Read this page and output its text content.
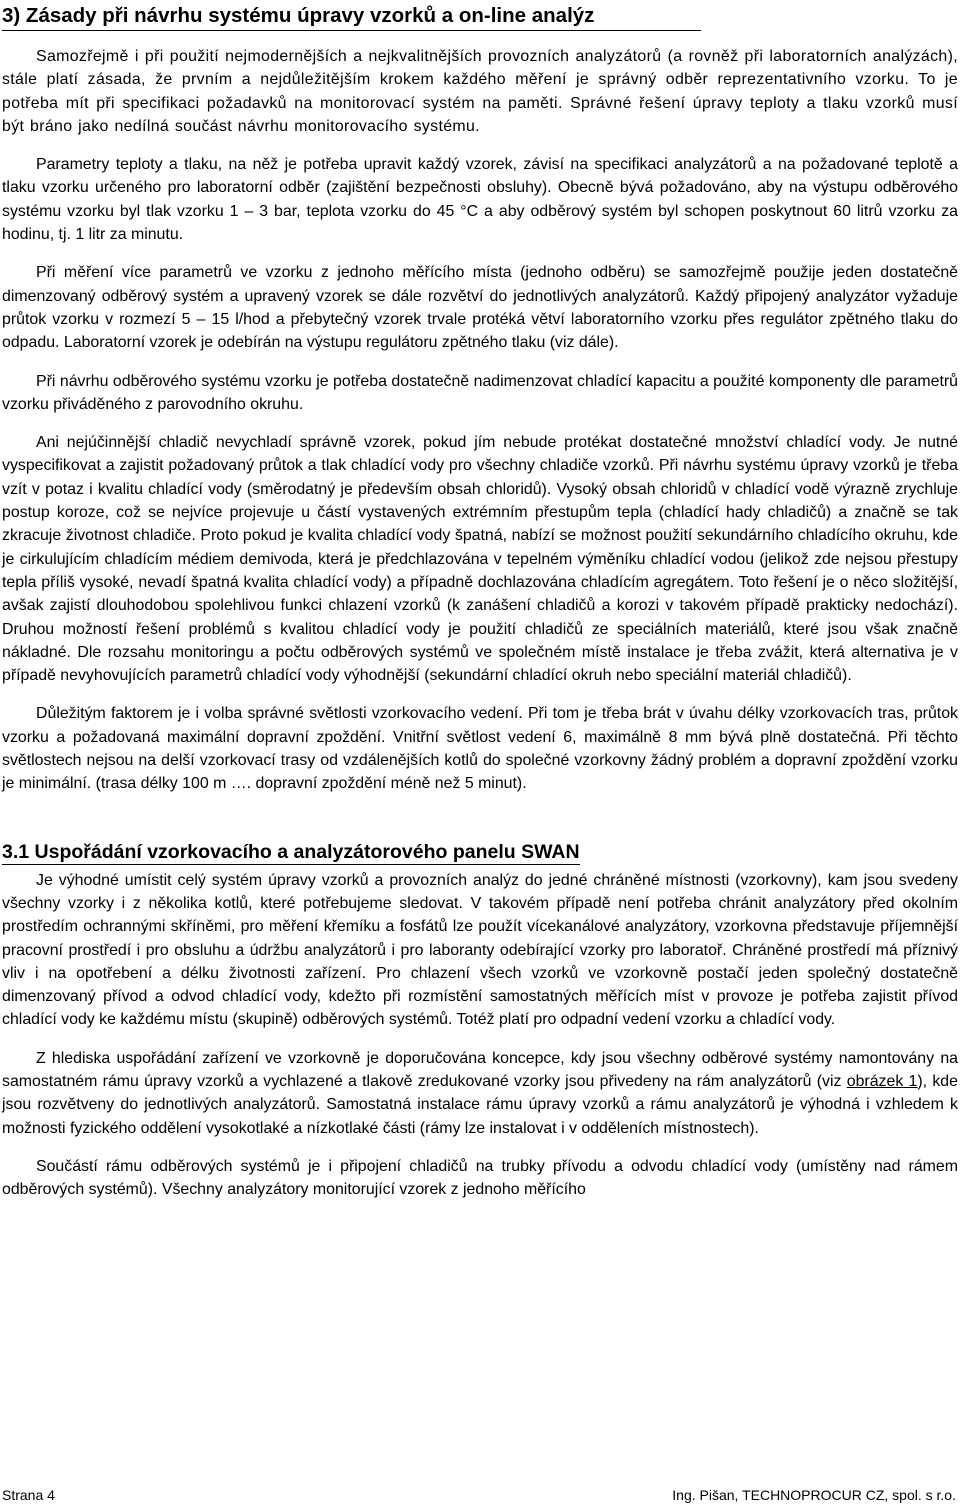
3) Zásady při návrhu systému úpravy vzorků a on-line analýz

Samozřejmě i při použití nejmodernějších a nejkvalitnějších provozních analyzátorů (a rovněž při laboratorních analýzách), stále platí zásada, že prvním a nejdůležitějším krokem každého měření je správný odběr reprezentativního vzorku. To je potřeba mít při specifikaci požadavků na monitorovací systém na paměti. Správné řešení úpravy teploty a tlaku vzorků musí být bráno jako nedílná součást návrhu monitorovacího systému.

Parametry teploty a tlaku, na něž je potřeba upravit každý vzorek, závisí na specifikaci analyzátorů a na požadované teplotě a tlaku vzorku určeného pro laboratorní odběr (zajištění bezpečnosti obsluhy). Obecně bývá požadováno, aby na výstupu odběrového systému vzorku byl tlak vzorku 1 – 3 bar, teplota vzorku do 45 °C a aby odběrový systém byl schopen poskytnout 60 litrů vzorku za hodinu, tj. 1 litr za minutu.

Při měření více parametrů ve vzorku z jednoho měřícího místa (jednoho odběru) se samozřejmě použije jeden dostatečně dimenzovaný odběrový systém a upravený vzorek se dále rozvětví do jednotlivých analyzátorů. Každý připojený analyzátor vyžaduje průtok vzorku v rozmezí 5 – 15 l/hod a přebytečný vzorek trvale protéká větví laboratorního vzorku přes regulátor zpětného tlaku do odpadu. Laboratorní vzorek je odebírán na výstupu regulátoru zpětného tlaku (viz dále).

Při návrhu odběrového systému vzorku je potřeba dostatečně nadimenzovat chladící kapacitu a použité komponenty dle parametrů vzorku přiváděného z parovodního okruhu.

Ani nejúčinnější chladič nevychladí správně vzorek, pokud jím nebude protékat dostatečné množství chladící vody. Je nutné vyspecifikovat a zajistit požadovaný průtok a tlak chladící vody pro všechny chladiče vzorků. Při návrhu systému úpravy vzorků je třeba vzít v potaz i kvalitu chladící vody (směrodatný je především obsah chloridů). Vysoký obsah chloridů v chladící vodě výrazně zrychluje postup koroze, což se nejvíce projevuje u částí vystavených extrémním přestupům tepla (chladící hady chladičů) a značně se tak zkracuje životnost chladiče. Proto pokud je kvalita chladící vody špatná, nabízí se možnost použití sekundárního chladícího okruhu, kde je cirkulujícím chladícím médiem demivoda, která je předchlazována v tepelném výměníku chladící vodou (jelikož zde nejsou přestupy tepla příliš vysoké, nevadí špatná kvalita chladící vody) a případně dochlazována chladícím agregátem. Toto řešení je o něco složitější, avšak zajistí dlouhodobou spolehlivou funkci chlazení vzorků (k zanášení chladičů a korozi v takovém případě prakticky nedochází). Druhou možností řešení problémů s kvalitou chladící vody je použití chladičů ze speciálních materiálů, které jsou však značně nákladné. Dle rozsahu monitoringu a počtu odběrových systémů ve společném místě instalace je třeba zvážit, která alternativa je v případě nevyhovujících parametrů chladící vody výhodnější (sekundární chladící okruh nebo speciální materiál chladičů).

Důležitým faktorem je i volba správné světlosti vzorkovacího vedení. Při tom je třeba brát v úvahu délky vzorkovacích tras, průtok vzorku a požadovaná maximální dopravní zpoždění. Vnitřní světlost vedení 6, maximálně 8 mm bývá plně dostatečná. Při těchto světlostech nejsou na delší vzorkovací trasy od vzdálenějších kotlů do společné vzorkovny žádný problém a dopravní zpoždění vzorku je minimální. (trasa délky 100 m …. dopravní zpoždění méně než 5 minut).

3.1 Uspořádání vzorkovacího a analyzátorového panelu SWAN

Je výhodné umístit celý systém úpravy vzorků a provozních analýz do jedné chráněné místnosti (vzorkovny), kam jsou svedeny všechny vzorky i z několika kotlů, které potřebujeme sledovat. V takovém případě není potřeba chránit analyzátory před okolním prostředím ochrannými skříněmi, pro měření křemíku a fosfátů lze použít vícekanálové analyzátory, vzorkovna představuje příjemnější pracovní prostředí i pro obsluhu a údržbu analyzátorů i pro laboranty odebírající vzorky pro laboratoř. Chráněné prostředí má příznivý vliv i na opotřebení a délku životnosti zařízení. Pro chlazení všech vzorků ve vzorkovně postačí jeden společný dostatečně dimenzovaný přívod a odvod chladící vody, kdežto při rozmístění samostatných měřících míst v provoze je potřeba zajistit přívod chladící vody ke každému místu (skupině) odběrových systémů. Totéž platí pro odpadní vedení vzorku a chladící vody.

Z hlediska uspořádání zařízení ve vzorkovně je doporučována koncepce, kdy jsou všechny odběrové systémy namontovány na samostatném rámu úpravy vzorků a vychlazené a tlakově zredukované vzorky jsou přivedeny na rám analyzátorů (viz obrázek 1), kde jsou rozvětveny do jednotlivých analyzátorů. Samostatná instalace rámu úpravy vzorků a rámu analyzátorů je výhodná i vzhledem k možnosti fyzického oddělení vysokotlaké a nízkotlaké části (rámy lze instalovat i v odděleních místnostech).

Součástí rámu odběrových systémů je i připojení chladičů na trubky přívodu a odvodu chladící vody (umístěny nad rámem odběrových systémů). Všechny analyzátory monitorující vzorek z jednoho měřícího

Strana 4	Ing. Pišan, TECHNOPROCUR CZ, spol. s r.o.
